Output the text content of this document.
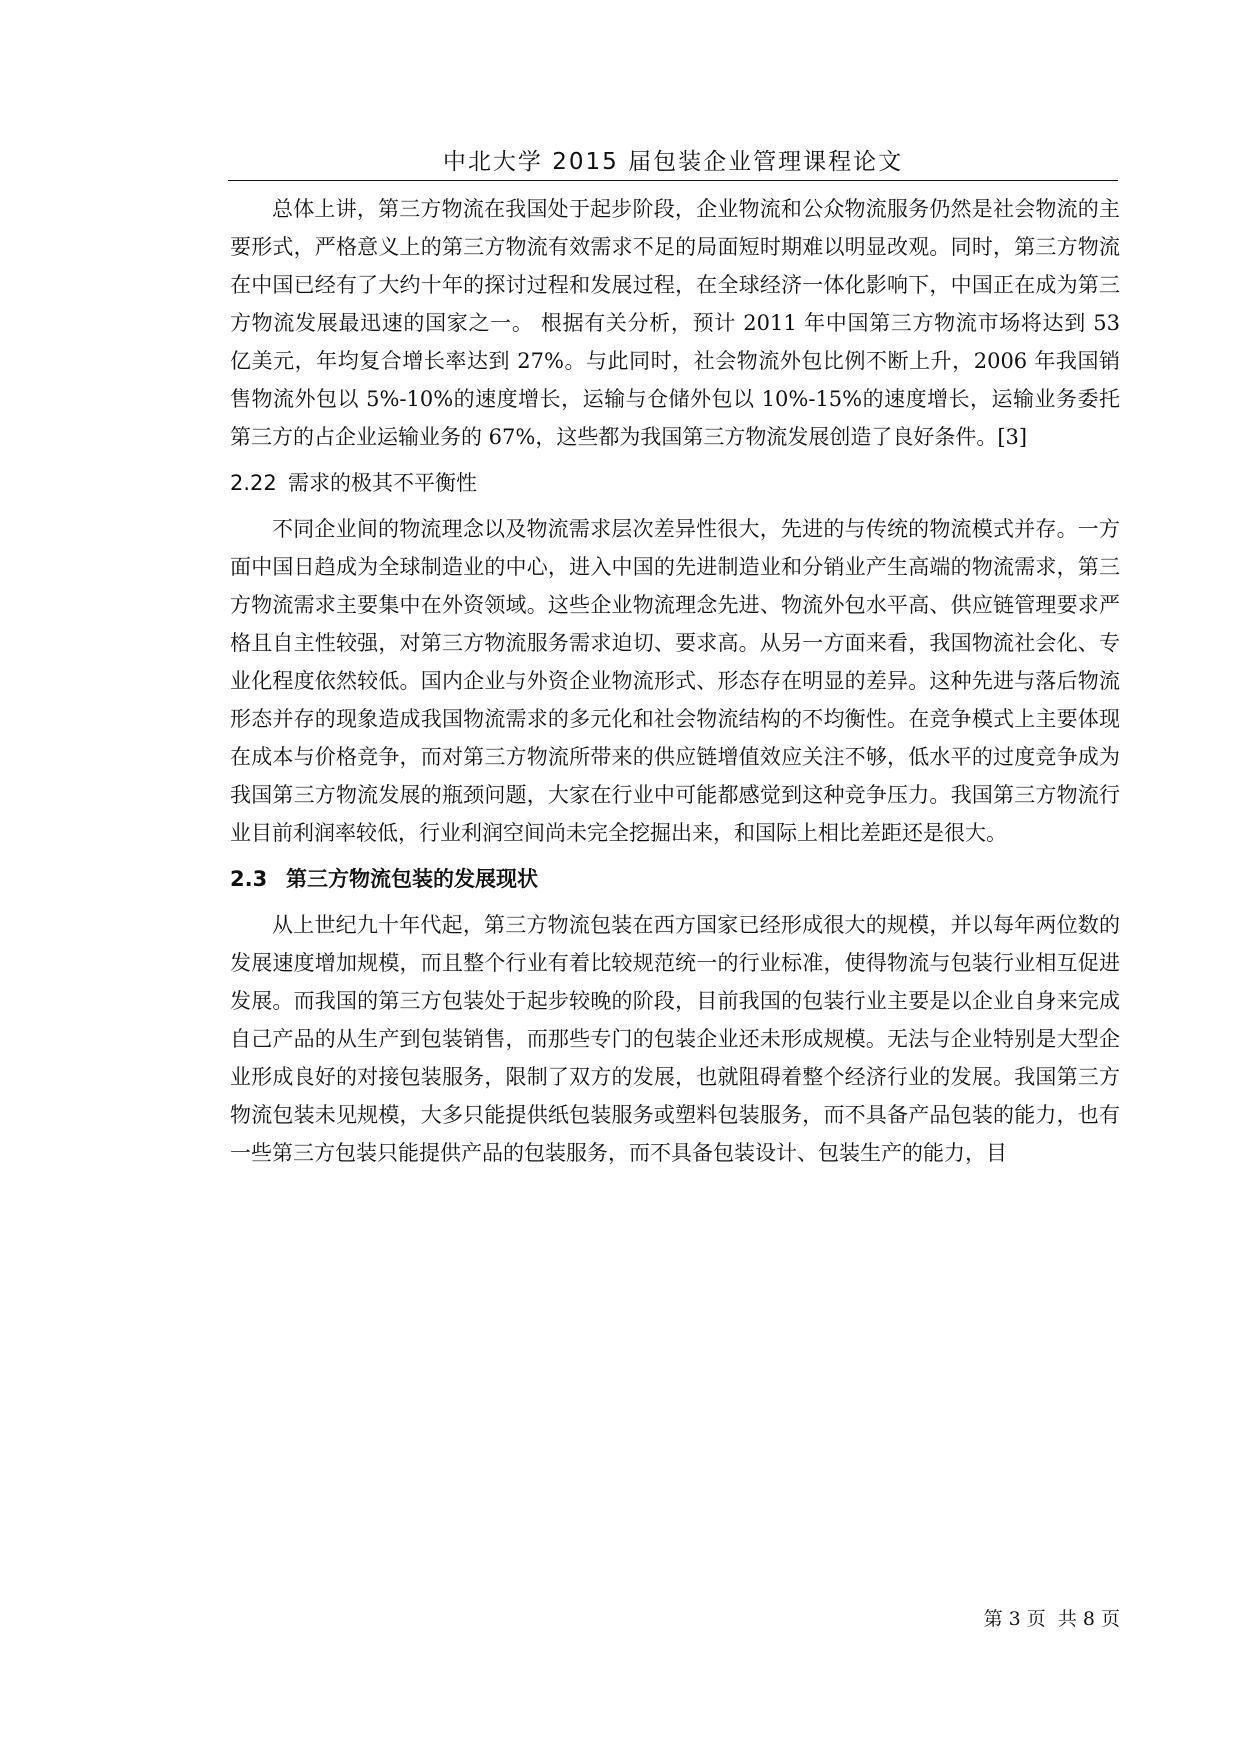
中北大学 2015 届包装企业管理课程论文

总体上讲，第三方物流在我国处于起步阶段，企业物流和公众物流服务仍然是社会物流的主要形式，严格意义上的第三方物流有效需求不足的局面短时期难以明显改观。同时，第三方物流在中国已经有了大约十年的探讨过程和发展过程，在全球经济一体化影响下，中国正在成为第三方物流发展最迅速的国家之一。 根据有关分析，预计 2011 年中国第三方物流市场将达到 53 亿美元，年均复合增长率达到 27%。与此同时，社会物流外包比例不断上升，2006 年我国销售物流外包以 5%-10%的速度增长，运输与仓储外包以 10%-15%的速度增长，运输业务委托第三方的占企业运输业务的 67%，这些都为我国第三方物流发展创造了良好条件。[3]

2.22 需求的极其不平衡性

不同企业间的物流理念以及物流需求层次差异性很大，先进的与传统的物流模式并存。一方面中国日趋成为全球制造业的中心，进入中国的先进制造业和分销业产生高端的物流需求，第三方物流需求主要集中在外资领域。这些企业物流理念先进、物流外包水平高、供应链管理要求严格且自主性较强，对第三方物流服务需求迫切、要求高。从另一方面来看，我国物流社会化、专业化程度依然较低。国内企业与外资企业物流形式、形态存在明显的差异。这种先进与落后物流形态并存的现象造成我国物流需求的多元化和社会物流结构的不均衡性。在竞争模式上主要体现在成本与价格竞争，而对第三方物流所带来的供应链增值效应关注不够，低水平的过度竞争成为我国第三方物流发展的瓶颈问题，大家在行业中可能都感觉到这种竞争压力。我国第三方物流行业目前利润率较低，行业利润空间尚未完全挖掘出来，和国际上相比差距还是很大。

2.3 第三方物流包装的发展现状

从上世纪九十年代起，第三方物流包装在西方国家已经形成很大的规模，并以每年两位数的发展速度增加规模，而且整个行业有着比较规范统一的行业标准，使得物流与包装行业相互促进发展。而我国的第三方包装处于起步较晚的阶段，目前我国的包装行业主要是以企业自身来完成自己产品的从生产到包装销售，而那些专门的包装企业还未形成规模。无法与企业特别是大型企业形成良好的对接包装服务，限制了双方的发展，也就阻碍着整个经济行业的发展。我国第三方物流包装未见规模，大多只能提供纸包装服务或塑料包装服务，而不具备产品包装的能力，也有一些第三方包装只能提供产品的包装服务，而不具备包装设计、包装生产的能力，目

第 3 页 共 8 页
